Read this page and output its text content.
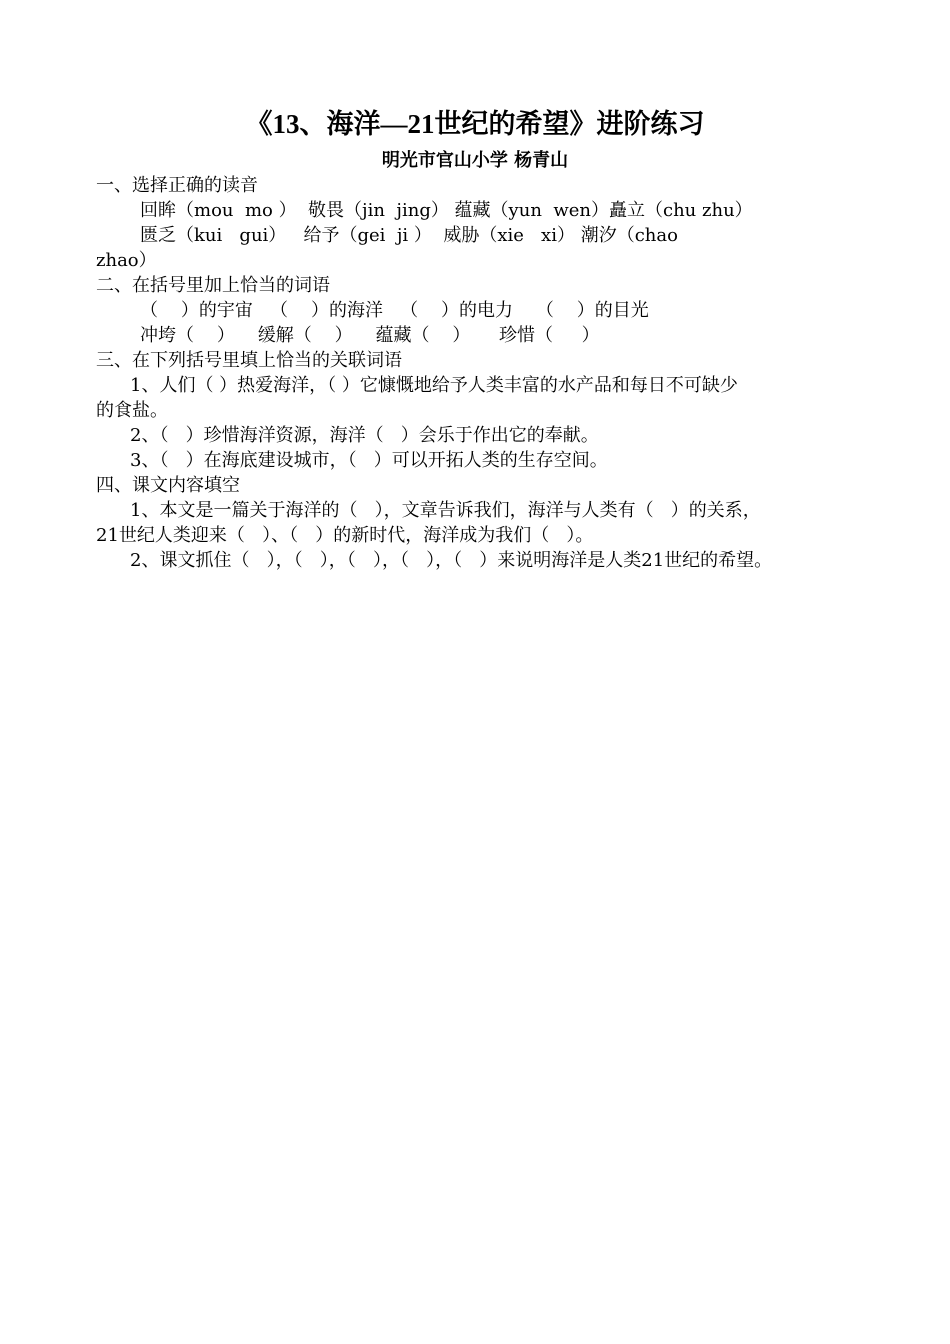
《13、海洋—21世纪的希望》进阶练习
明光市官山小学 杨青山
一、选择正确的读音
回眸（mou  mo ）  敬畏（jin  jing） 蕴藏（yun  wen）矗立（chu zhu）
匮乏（kui   gui）   给予（gei  ji ）  威胁（xie   xi） 潮汐（chao
zhao）
二、在括号里加上恰当的词语
（    ）的宇宙   （    ）的海洋   （    ）的电力    （    ）的目光
冲垮（    ）    缓解（    ）    蕴藏（    ）     珍惜（     ）
三、在下列括号里填上恰当的关联词语
1、人们（ ）热爱海洋，（ ）它慷慨地给予人类丰富的水产品和每日不可缺少
的食盐。
2、（   ）珍惜海洋资源，海洋（   ）会乐于作出它的奉献。
3、（   ）在海底建设城市，（   ）可以开拓人类的生存空间。
四、课文内容填空
1、本文是一篇关于海洋的（   ），文章告诉我们，海洋与人类有（   ）的关系，
21世纪人类迎来（   ）、（   ）的新时代，海洋成为我们（   ）。
2、课文抓住（   ），（   ），（   ），（   ），（   ）来说明海洋是人类21世纪的希望。
